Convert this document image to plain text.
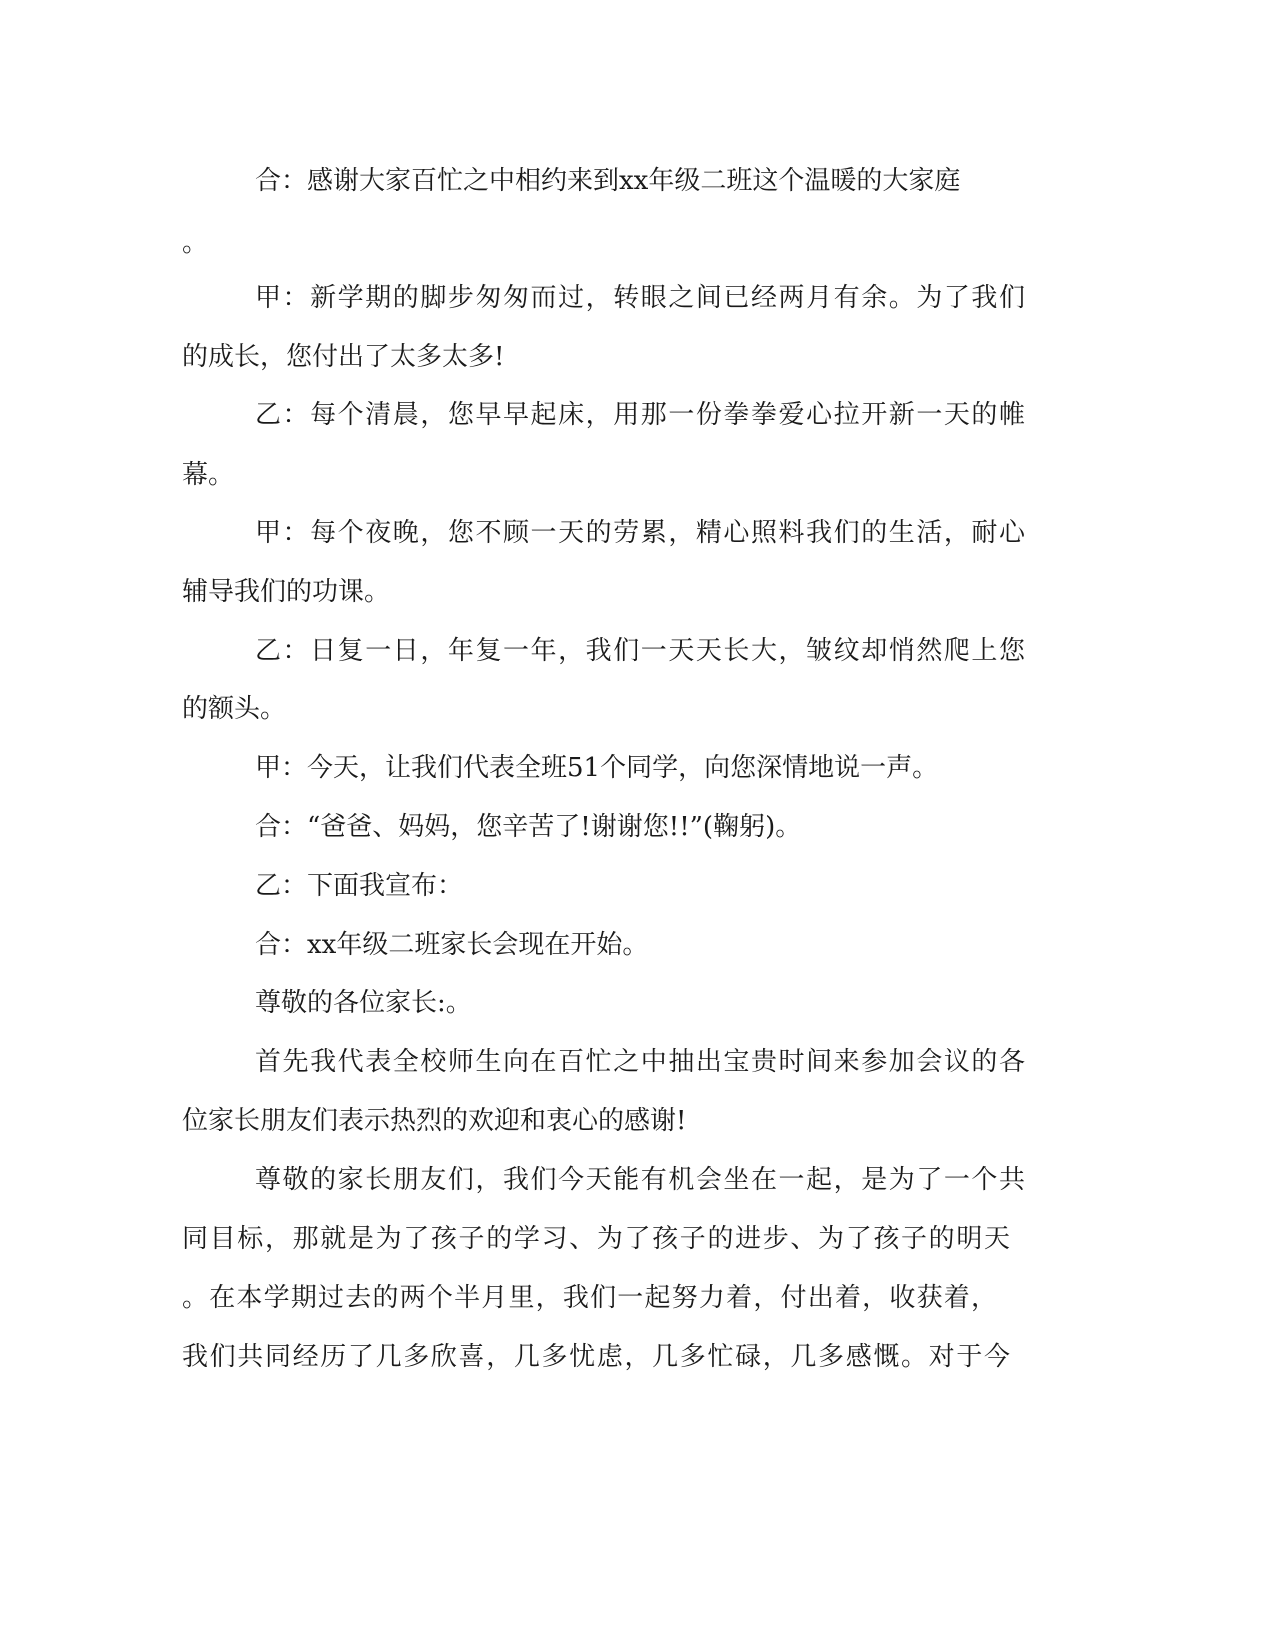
合：感谢大家百忙之中相约来到xx年级二班这个温暖的大家庭
。
甲：新学期的脚步匆匆而过，转眼之间已经两月有余。为了我们
的成长，您付出了太多太多!
乙：每个清晨，您早早起床，用那一份拳拳爱心拉开新一天的帷
幕。
甲：每个夜晚，您不顾一天的劳累，精心照料我们的生活，耐心
辅导我们的功课。
乙：日复一日，年复一年，我们一天天长大，皱纹却悄然爬上您
的额头。
甲：今天，让我们代表全班51个同学，向您深情地说一声。
合：“爸爸、妈妈，您辛苦了!谢谢您!!”(鞠躬)。
乙：下面我宣布：
合：xx年级二班家长会现在开始。
尊敬的各位家长:。
首先我代表全校师生向在百忙之中抽出宝贵时间来参加会议的各
位家长朋友们表示热烈的欢迎和衷心的感谢!
尊敬的家长朋友们，我们今天能有机会坐在一起，是为了一个共
同目标，那就是为了孩子的学习、为了孩子的进步、为了孩子的明天
。在本学期过去的两个半月里，我们一起努力着，付出着，收获着，
我们共同经历了几多欣喜，几多忧虑，几多忙碌，几多感慨。对于今
